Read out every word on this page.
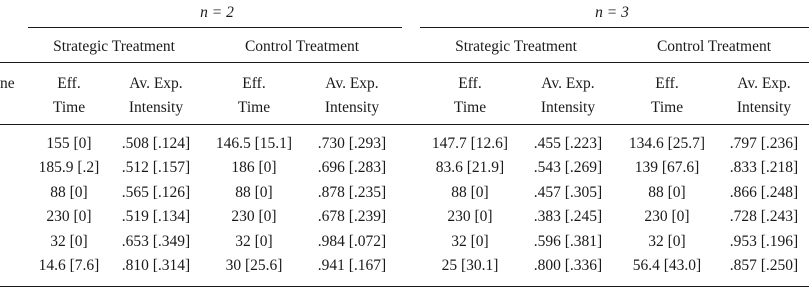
n = 2	n = 3
Strategic Treatment	Control Treatment	Strategic Treatment	Control Treatment
ne	Eff.	Av. Exp.	Eff.	Av. Exp.	Eff.	Av. Exp.	Eff.	Av. Exp.
Time	Intensity	Time	Intensity	Time	Intensity	Time	Intensity
155 [0] .508 [.124] 146.5 [15.1] .730 [.293]	147.7 [12.6] .455 [.223] 134.6 [25.7] .797 [.236]
185.9 [.2] .512 [.157]	186 [0]	.696 [.283]	83.6 [21.9] .543 [.269] 139 [67.6] .833 [.218]
88 [0] .565 [.126]	88 [0]	.878 [.235]	88 [0]	.457 [.305]	88 [0]	.866 [.248]
230 [0] .519 [.134]	230 [0]	.678 [.239]	230 [0]	.383 [.245]	230 [0]	.728 [.243]
32 [0] .653 [.349]	32 [0]	.984 [.072]	32 [0]	.596 [.381]	32 [0]	.953 [.196]
14.6 [7.6] .810 [.314] 30 [25.6] .941 [.167]	25 [30.1] .800 [.336] 56.4 [43.0] .857 [.250]
